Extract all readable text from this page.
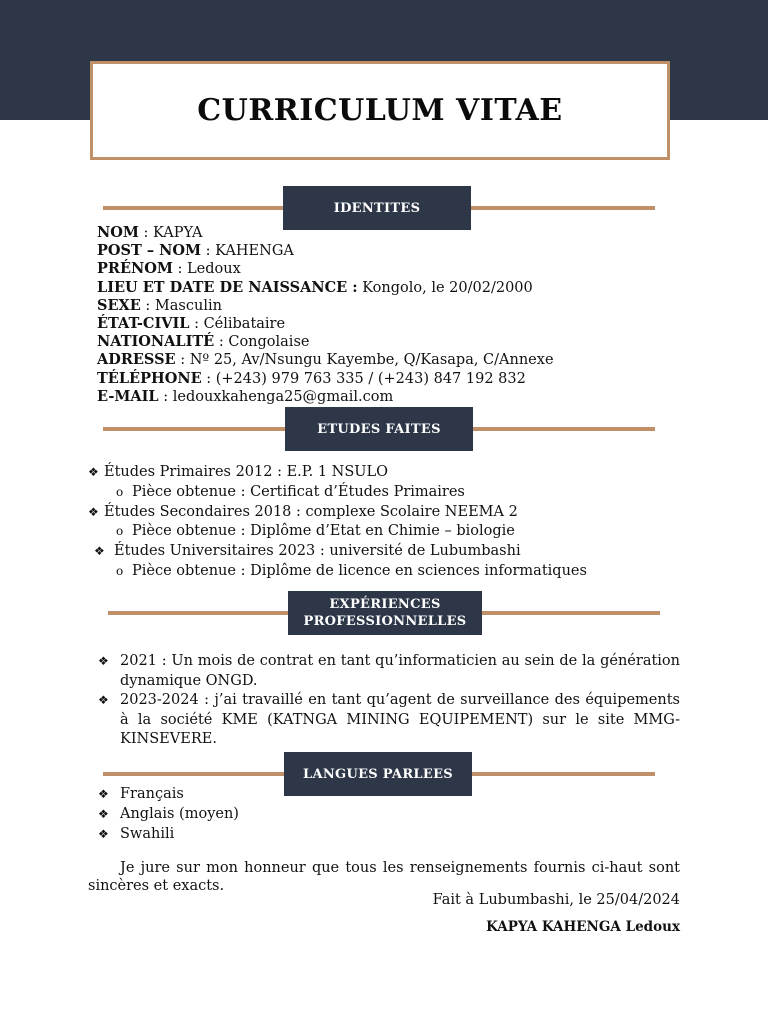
CURRICULUM VITAE
IDENTITES
NOM : KAPYA
POST – NOM : KAHENGA
PRÉNOM : Ledoux
LIEU ET DATE DE NAISSANCE : Kongolo, le 20/02/2000
SEXE : Masculin
ÉTAT-CIVIL : Célibataire
NATIONALITÉ : Congolaise
ADRESSE : Nº 25, Av/Nsungu Kayembe, Q/Kasapa, C/Annexe
TÉLÉPHONE : (+243) 979 763 335 / (+243) 847 192 832
E-MAIL : ledouxkahenga25@gmail.com
ETUDES FAITES
❖ Études Primaires 2012 : E.P. 1 NSULO
o Pièce obtenue : Certificat d’Études Primaires
❖ Études Secondaires 2018 : complexe Scolaire NEEMA 2
o Pièce obtenue : Diplôme d’Etat en Chimie – biologie
❖ Études Universitaires 2023 : université de Lubumbashi
o Pièce obtenue : Diplôme de licence en sciences informatiques
EXPÉRIENCES
PROFESSIONNELLES
❖ 2021 : Un mois de contrat en tant qu’informaticien au sein de la génération dynamique ONGD.
❖ 2023-2024 : j’ai travaillé en tant qu’agent de surveillance des équipements à la société KME (KATNGA MINING EQUIPEMENT) sur le site MMG-KINSEVERE.
LANGUES PARLEES
❖ Français
❖ Anglais (moyen)
❖ Swahili
Je jure sur mon honneur que tous les renseignements fournis ci-haut sont sincères et exacts.
Fait à Lubumbashi, le 25/04/2024
KAPYA KAHENGA Ledoux
